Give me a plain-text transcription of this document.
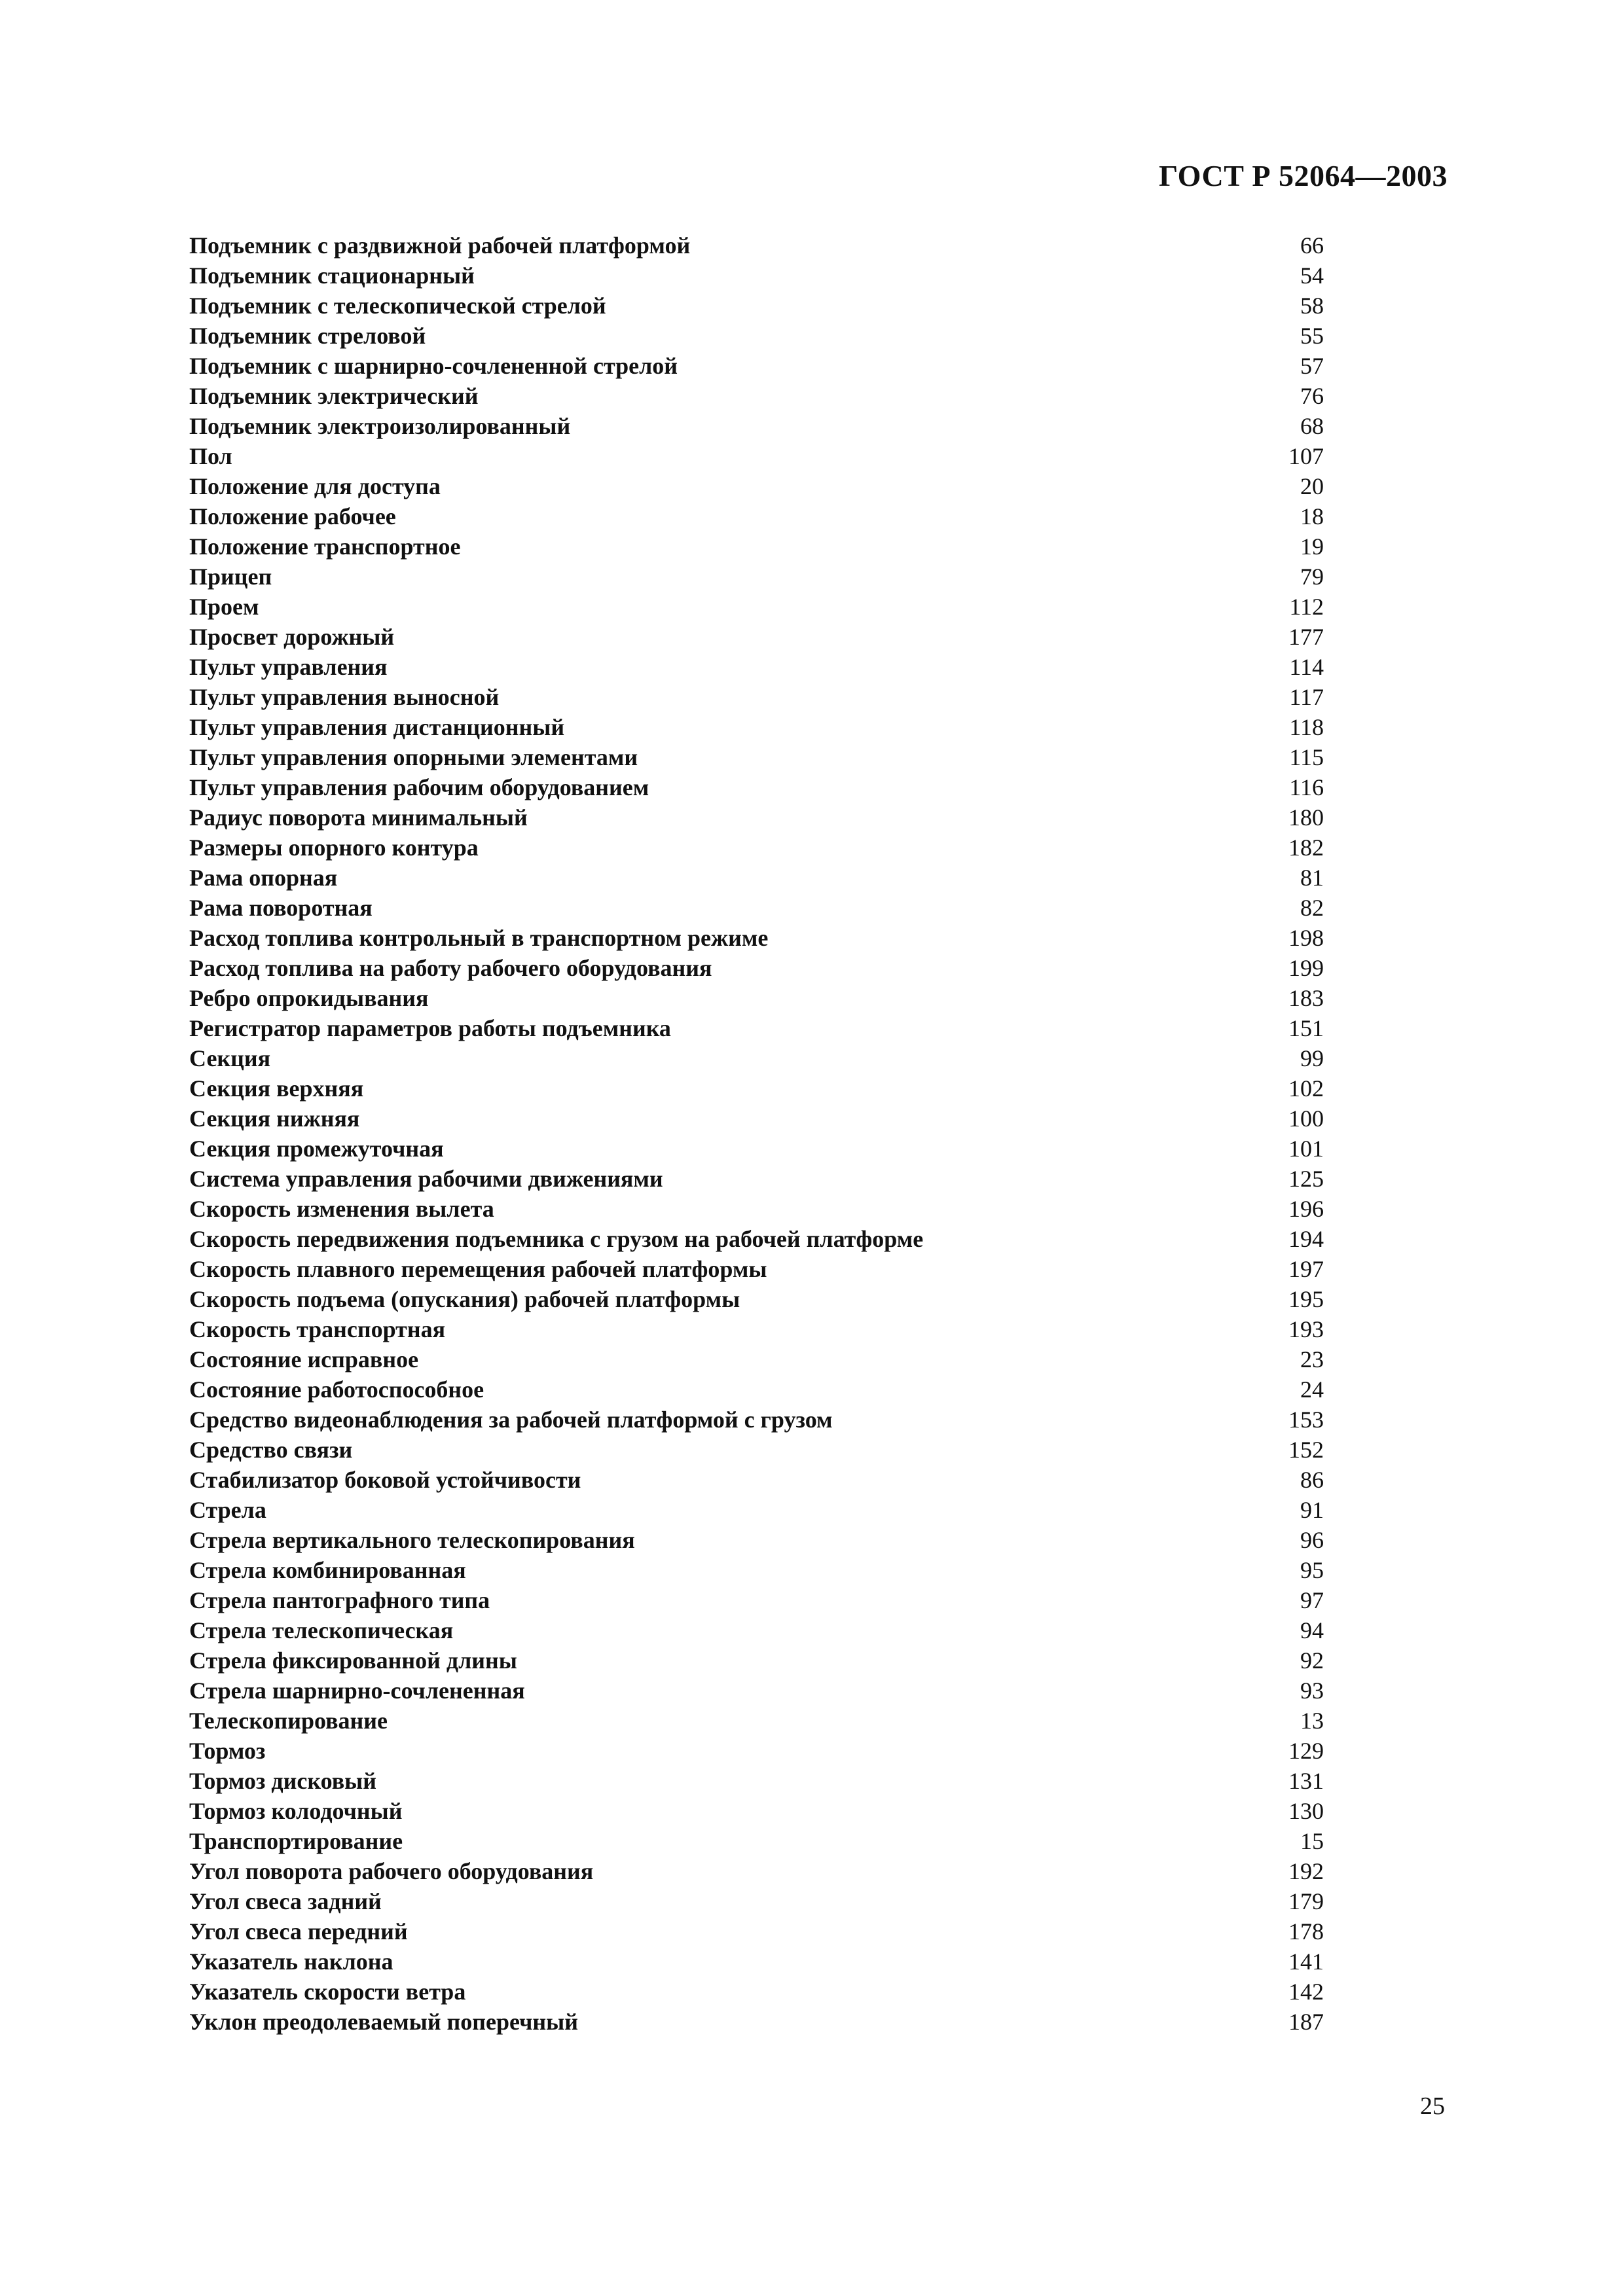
ГОСТ Р 52064—2003
Подъемник с раздвижной рабочей платформой	66
Подъемник стационарный	54
Подъемник с телескопической стрелой	58
Подъемник стреловой	55
Подъемник с шарнирно-сочлененной стрелой	57
Подъемник электрический	76
Подъемник электроизолированный	68
Пол	107
Положение для доступа	20
Положение рабочее	18
Положение транспортное	19
Прицеп	79
Проем	112
Просвет дорожный	177
Пульт управления	114
Пульт управления выносной	117
Пульт управления дистанционный	118
Пульт управления опорными элементами	115
Пульт управления рабочим оборудованием	116
Радиус поворота минимальный	180
Размеры опорного контура	182
Рама опорная	81
Рама поворотная	82
Расход топлива контрольный в транспортном режиме	198
Расход топлива на работу рабочего оборудования	199
Ребро опрокидывания	183
Регистратор параметров работы подъемника	151
Секция	99
Секция верхняя	102
Секция нижняя	100
Секция промежуточная	101
Система управления рабочими движениями	125
Скорость изменения вылета	196
Скорость передвижения подъемника с грузом на рабочей платформе	194
Скорость плавного перемещения рабочей платформы	197
Скорость подъема (опускания) рабочей платформы	195
Скорость транспортная	193
Состояние исправное	23
Состояние работоспособное	24
Средство видеонаблюдения за рабочей платформой с грузом	153
Средство связи	152
Стабилизатор боковой устойчивости	86
Стрела	91
Стрела вертикального телескопирования	96
Стрела комбинированная	95
Стрела пантографного типа	97
Стрела телескопическая	94
Стрела фиксированной длины	92
Стрела шарнирно-сочлененная	93
Телескопирование	13
Тормоз	129
Тормоз дисковый	131
Тормоз колодочный	130
Транспортирование	15
Угол поворота рабочего оборудования	192
Угол свеса задний	179
Угол свеса передний	178
Указатель наклона	141
Указатель скорости ветра	142
Уклон преодолеваемый поперечный	187
25
